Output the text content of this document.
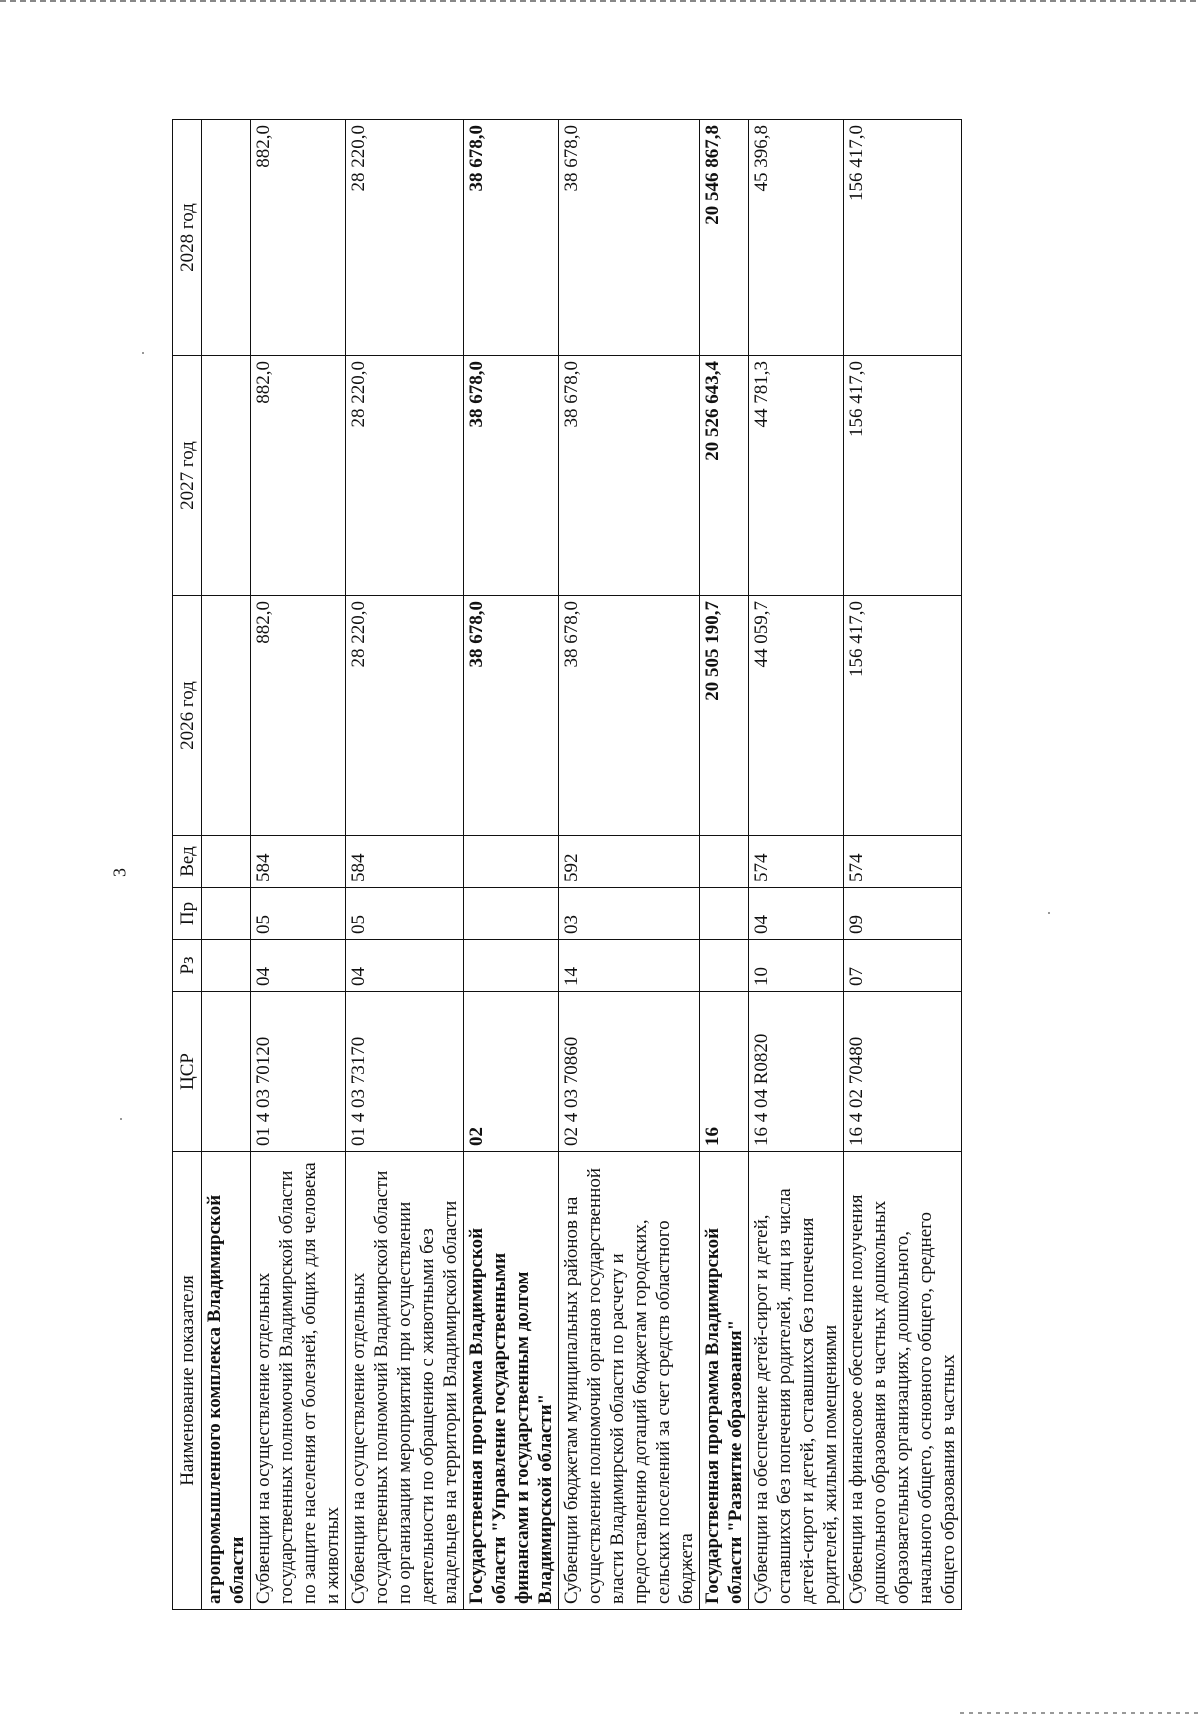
3
Наименование показателя	ЦСР	Рз	Пр	Вед	2026 год	2027 год	2028 год
агропромышленного комплекса Владимирской области							
Субвенции на осуществление отдельных государственных полномочий Владимирской области по защите населения от болезней, общих для человека и животных	01 4 03 70120	04	05	584	882,0	882,0	882,0
Субвенции на осуществление отдельных государственных полномочий Владимирской области по организации мероприятий при осуществлении деятельности по обращению с животными без владельцев на территории Владимирской области	01 4 03 73170	04	05	584	28 220,0	28 220,0	28 220,0
Государственная программа Владимирской области "Управление государственными финансами и государственным долгом Владимирской области"	02				38 678,0	38 678,0	38 678,0
Субвенции бюджетам муниципальных районов на осуществление полномочий органов государственной власти Владимирской области по расчету и предоставлению дотаций бюджетам городских, сельских поселений за счет средств областного бюджета	02 4 03 70860	14	03	592	38 678,0	38 678,0	38 678,0
Государственная программа Владимирской области "Развитие образования"	16				20 505 190,7	20 526 643,4	20 546 867,8
Субвенции на обеспечение детей-сирот и детей, оставшихся без попечения родителей, лиц из числа детей-сирот и детей, оставшихся без попечения родителей, жилыми помещениями	16 4 04 R0820	10	04	574	44 059,7	44 781,3	45 396,8
Субвенции на финансовое обеспечение получения дошкольного образования в частных дошкольных образовательных организациях, дошкольного, начального общего, основного общего, среднего общего образования в частных	16 4 02 70480	07	09	574	156 417,0	156 417,0	156 417,0
